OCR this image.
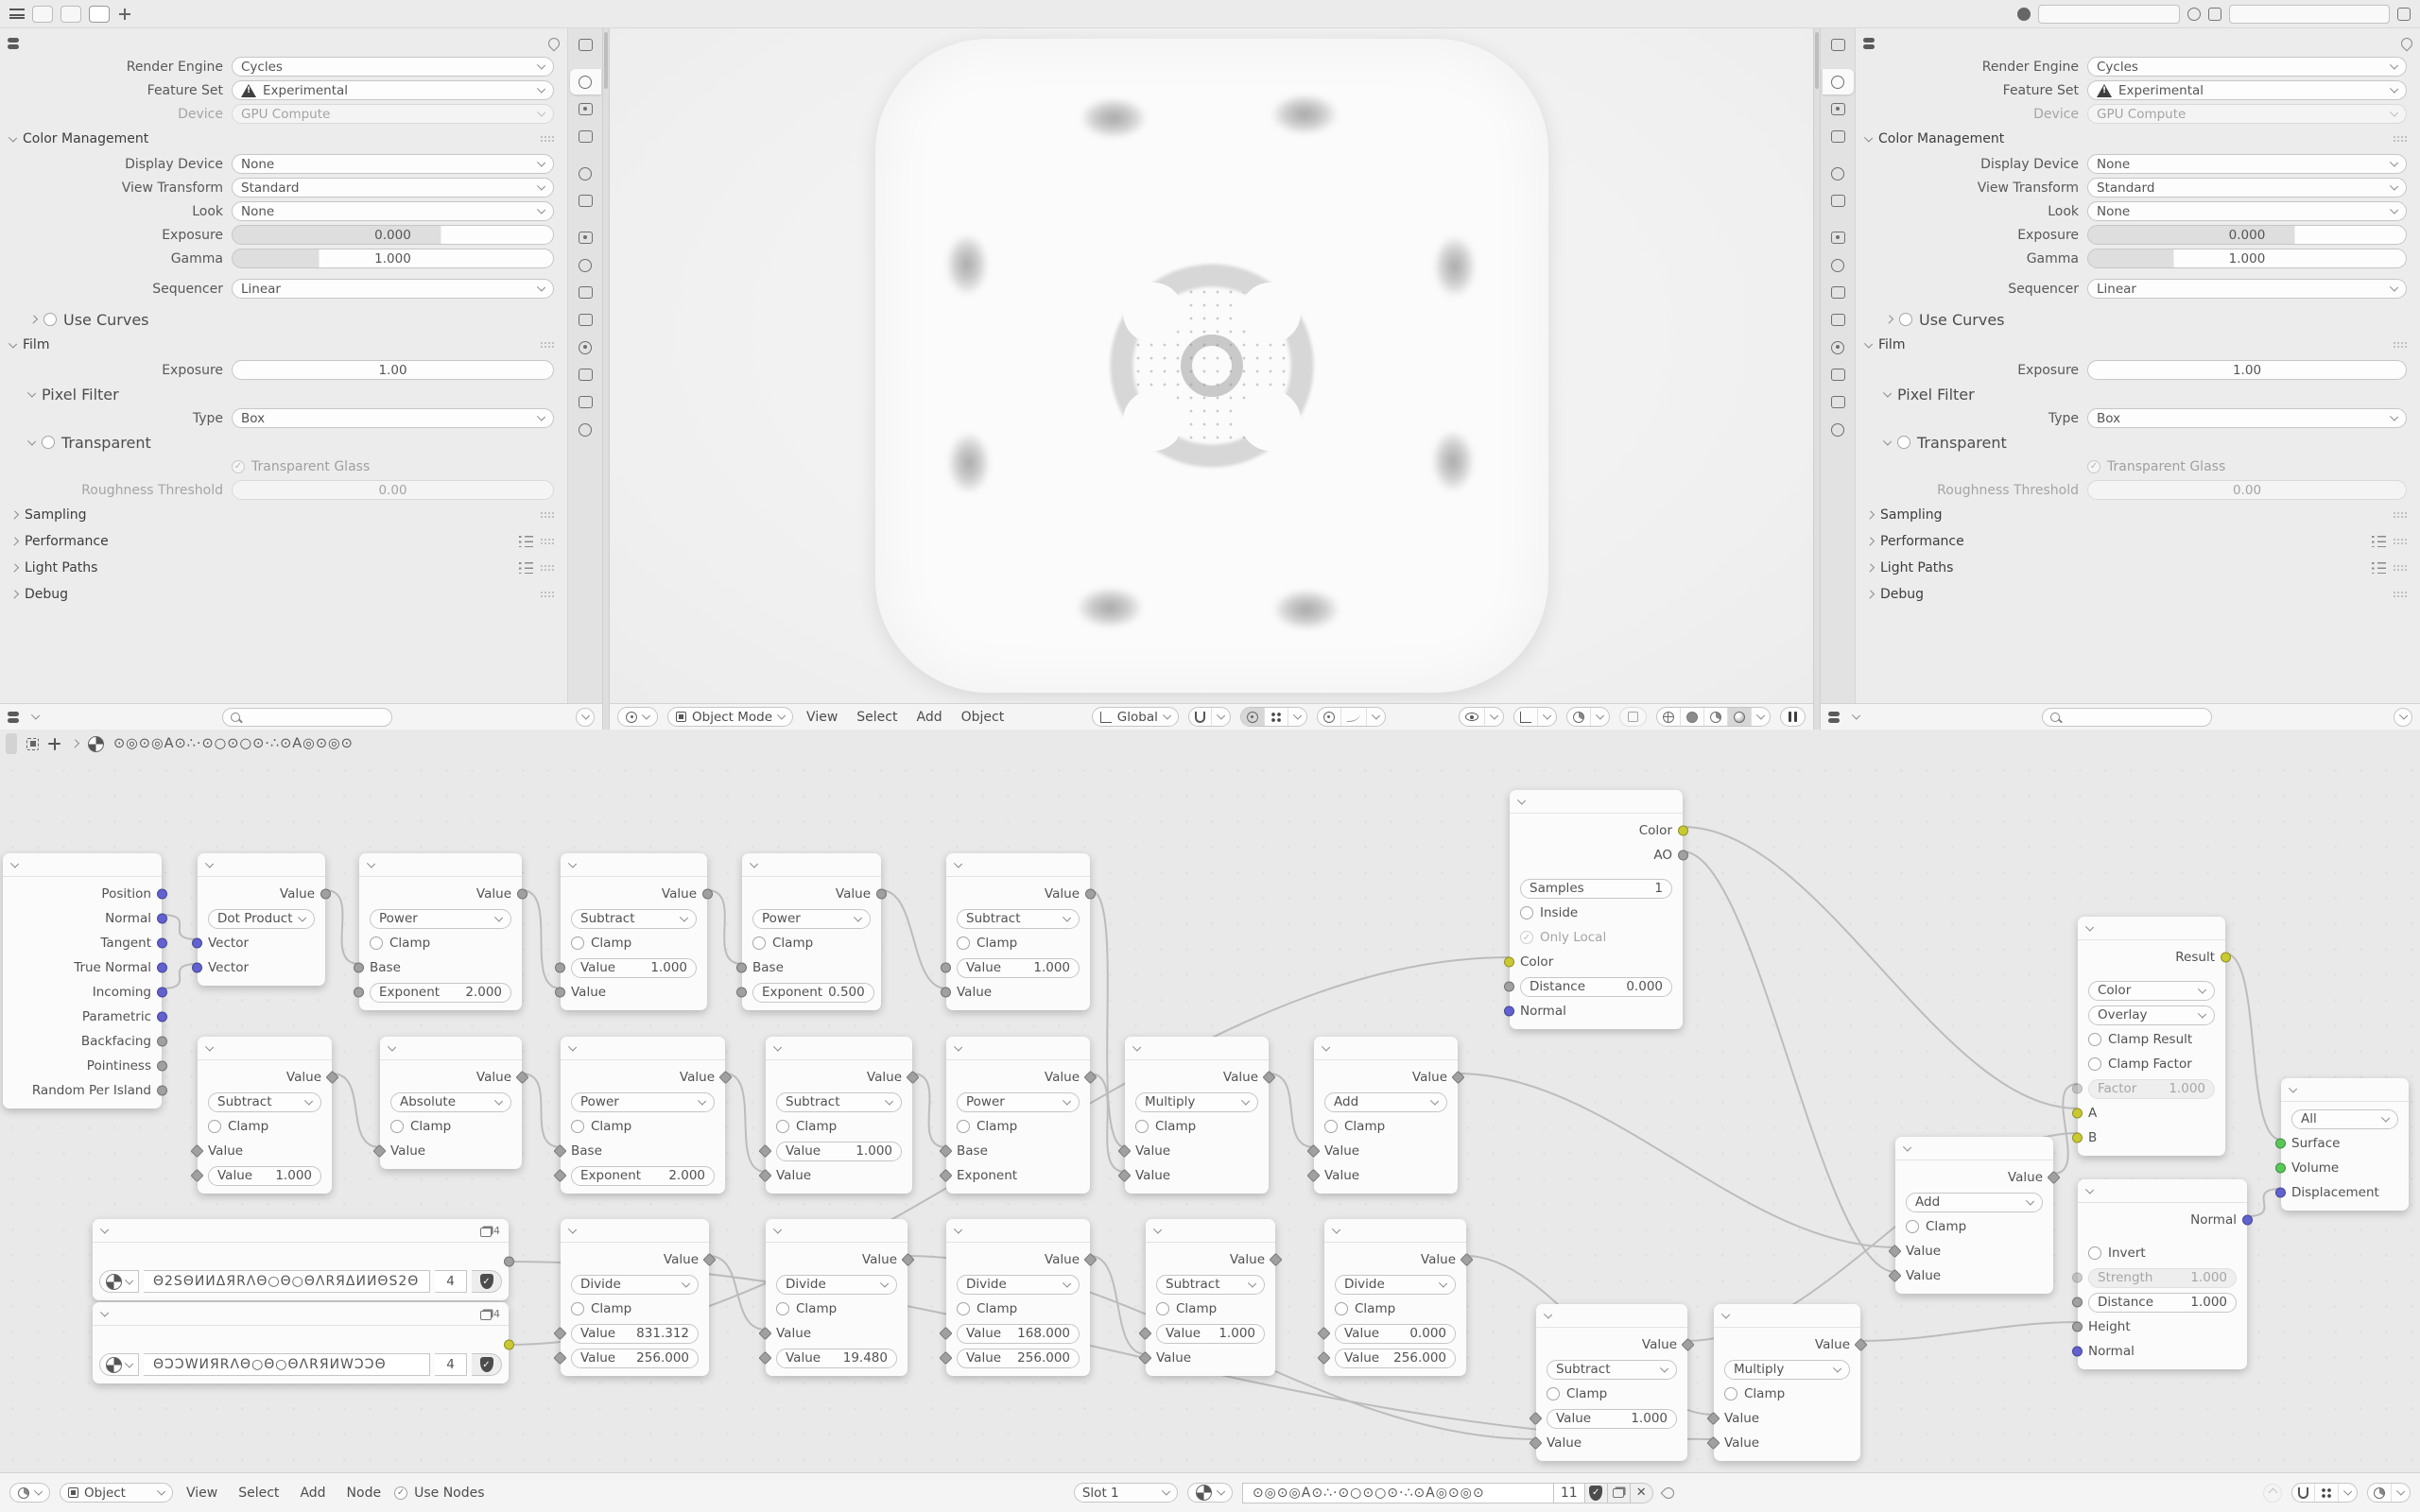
Render Engine	Cycles
Feature Set !	Experimental
Device	GPU Compute
Color Management
Display Device	None
View Transform	Standard
Look	None
Exposure	0.000
Gamma	1.000
Sequencer	Linear
Use Curves
Film
Exposure	1.00
Pixel Filter
Type	Box
Transparent
✓ Transparent Glass
Roughness Threshold	0.00
Sampling
Performance
Light Paths
Debug
Object Mode	View Select Add Object	Global
Render Engine	Cycles
Feature Set !	Experimental
Device	GPU Compute
Color Management
Display Device	None
View Transform	Standard
Look	None
Exposure	0.000
Gamma	1.000
Sequencer	Linear
Use Curves
Film
Exposure	1.00
Pixel Filter
Type	Box
Transparent
✓ Transparent Glass
Roughness Threshold	0.00
Sampling
Performance
Light Paths
Debug
⊙◎⊙◎A⊙∴·⊙○⊙○⊙·∴⊙A◎⊙◎⊙
Position
Normal
Tangent
True Normal
Incoming
Parametric
Backfacing
Pointiness
Random Per Island
Value
Dot Product
Vector
Vector
Value
Power
Clamp
Base
Exponent	2.000
Value
Subtract
Clamp
Value	1.000
Value
Value
Power
Clamp
Base
Exponent 0.500
Value
Subtract
Clamp
Value	1.000
Value
Value
Subtract
Clamp
Value
Value	1.000
Value
Absolute
Clamp
Value
Value
Power
Clamp
Base
Exponent	2.000
Value
Subtract
Clamp
Value	1.000
Value
Value
Power
Clamp
Base
Exponent
Value
Multiply
Clamp
Value
Value
Value
Add
Clamp
Value
Value
4
Θ2SΘИИΔЯRΛΘ○Θ○ΘΛRЯΔИИΘS2Θ	4	✓
4
ΘƆƆWИЯRΛΘ○Θ○ΘΛRЯИWƆƆΘ	4	✓
Value
Divide
Clamp
Value	831.312
Value	256.000
Value
Divide
Clamp
Value
Value	19.480
Value
Divide
Clamp
Value	168.000
Value	256.000
Value
Subtract
Clamp
Value	1.000
Value
Value
Divide
Clamp
Value	0.000
Value	256.000
Value
Subtract
Clamp
Value	1.000
Value
Value
Multiply
Clamp
Value
Value
Color
AO
Samples	1
Inside
✓ Only Local
Color
Distance	0.000
Normal
Value
Add
Clamp
Value
Value
Result
Color
Overlay
Clamp Result
Clamp Factor
Factor	1.000
A
B
All
Surface
Volume
Displacement
Normal
Invert
Strength	1.000
Distance	1.000
Height
Normal
Object	View Select Add Node	✓ Use Nodes	Slot 1	⊙◎⊙◎A⊙∴·⊙○⊙○⊙·∴⊙A◎⊙◎⊙	11	✓	✕
